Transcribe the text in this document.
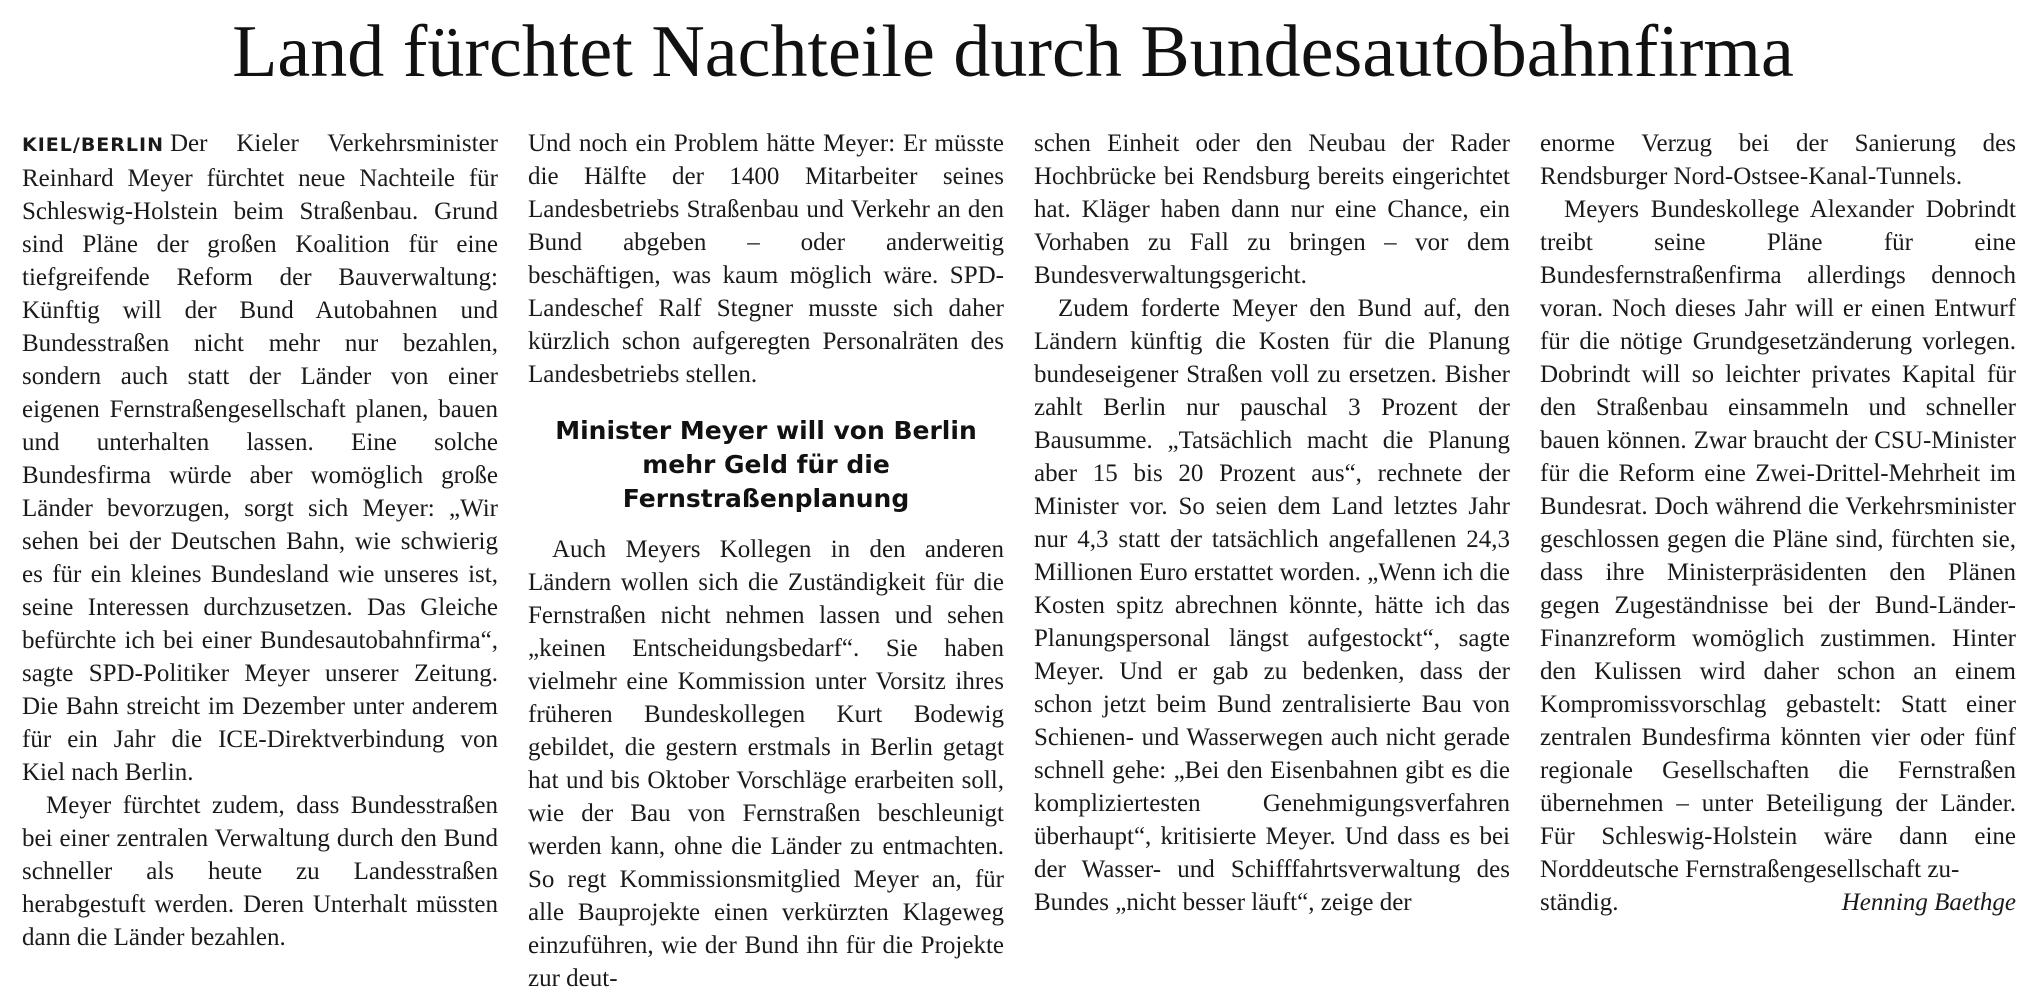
Land fürchtet Nachteile durch Bundesautobahnfirma

KIEL/BERLIN Der Kieler Verkehrsminister Reinhard Meyer fürchtet neue Nachteile für Schleswig-Holstein beim Straßenbau. Grund sind Pläne der großen Koalition für eine tiefgreifende Reform der Bauverwaltung: Künftig will der Bund Autobahnen und Bundesstraßen nicht mehr nur bezahlen, sondern auch statt der Länder von einer eigenen Fernstraßengesellschaft planen, bauen und unterhalten lassen. Eine solche Bundesfirma würde aber womöglich große Länder bevorzugen, sorgt sich Meyer: „Wir sehen bei der Deutschen Bahn, wie schwierig es für ein kleines Bundesland wie unseres ist, seine Interessen durchzusetzen. Das Gleiche befürchte ich bei einer Bundesautobahnfirma“, sagte SPD-Politiker Meyer unserer Zeitung. Die Bahn streicht im Dezember unter anderem für ein Jahr die ICE-Direktverbindung von Kiel nach Berlin.

Meyer fürchtet zudem, dass Bundesstraßen bei einer zentralen Verwaltung durch den Bund schneller als heute zu Landesstraßen herabgestuft werden. Deren Unterhalt müssten dann die Länder bezahlen.

Und noch ein Problem hätte Meyer: Er müsste die Hälfte der 1400 Mitarbeiter seines Landesbetriebs Straßenbau und Verkehr an den Bund abgeben – oder anderweitig beschäftigen, was kaum möglich wäre. SPD-Landeschef Ralf Stegner musste sich daher kürzlich schon aufgeregten Personalräten des Landesbetriebs stellen.

Minister Meyer will von Berlin mehr Geld für die Fernstraßenplanung

Auch Meyers Kollegen in den anderen Ländern wollen sich die Zuständigkeit für die Fernstraßen nicht nehmen lassen und sehen „keinen Entscheidungsbedarf“. Sie haben vielmehr eine Kommission unter Vorsitz ihres früheren Bundeskollegen Kurt Bodewig gebildet, die gestern erstmals in Berlin getagt hat und bis Oktober Vorschläge erarbeiten soll, wie der Bau von Fernstraßen beschleunigt werden kann, ohne die Länder zu entmachten. So regt Kommissionsmitglied Meyer an, für alle Bauprojekte einen verkürzten Klageweg einzuführen, wie der Bund ihn für die Projekte zur deut-

schen Einheit oder den Neubau der Rader Hochbrücke bei Rendsburg bereits eingerichtet hat. Kläger haben dann nur eine Chance, ein Vorhaben zu Fall zu bringen – vor dem Bundesverwaltungsgericht.

Zudem forderte Meyer den Bund auf, den Ländern künftig die Kosten für die Planung bundeseigener Straßen voll zu ersetzen. Bisher zahlt Berlin nur pauschal 3 Prozent der Bausumme. „Tatsächlich macht die Planung aber 15 bis 20 Prozent aus“, rechnete der Minister vor. So seien dem Land letztes Jahr nur 4,3 statt der tatsächlich angefallenen 24,3 Millionen Euro erstattet worden. „Wenn ich die Kosten spitz abrechnen könnte, hätte ich das Planungspersonal längst aufgestockt“, sagte Meyer. Und er gab zu bedenken, dass der schon jetzt beim Bund zentralisierte Bau von Schienen- und Wasserwegen auch nicht gerade schnell gehe: „Bei den Eisenbahnen gibt es die kompliziertesten Genehmigungsverfahren überhaupt“, kritisierte Meyer. Und dass es bei der Wasser- und Schifffahrtsverwaltung des Bundes „nicht besser läuft“, zeige der

enorme Verzug bei der Sanierung des Rendsburger Nord-Ostsee-Kanal-Tunnels.

Meyers Bundeskollege Alexander Dobrindt treibt seine Pläne für eine Bundesfernstraßenfirma allerdings dennoch voran. Noch dieses Jahr will er einen Entwurf für die nötige Grundgesetzänderung vorlegen. Dobrindt will so leichter privates Kapital für den Straßenbau einsammeln und schneller bauen können. Zwar braucht der CSU-Minister für die Reform eine Zwei-Drittel-Mehrheit im Bundesrat. Doch während die Verkehrsminister geschlossen gegen die Pläne sind, fürchten sie, dass ihre Ministerpräsidenten den Plänen gegen Zugeständnisse bei der Bund-Länder-Finanzreform womöglich zustimmen. Hinter den Kulissen wird daher schon an einem Kompromissvorschlag gebastelt: Statt einer zentralen Bundesfirma könnten vier oder fünf regionale Gesellschaften die Fernstraßen übernehmen – unter Beteiligung der Länder. Für Schleswig-Holstein wäre dann eine Norddeutsche Fernstraßengesellschaft zu-

ständig.	Henning Baethge
